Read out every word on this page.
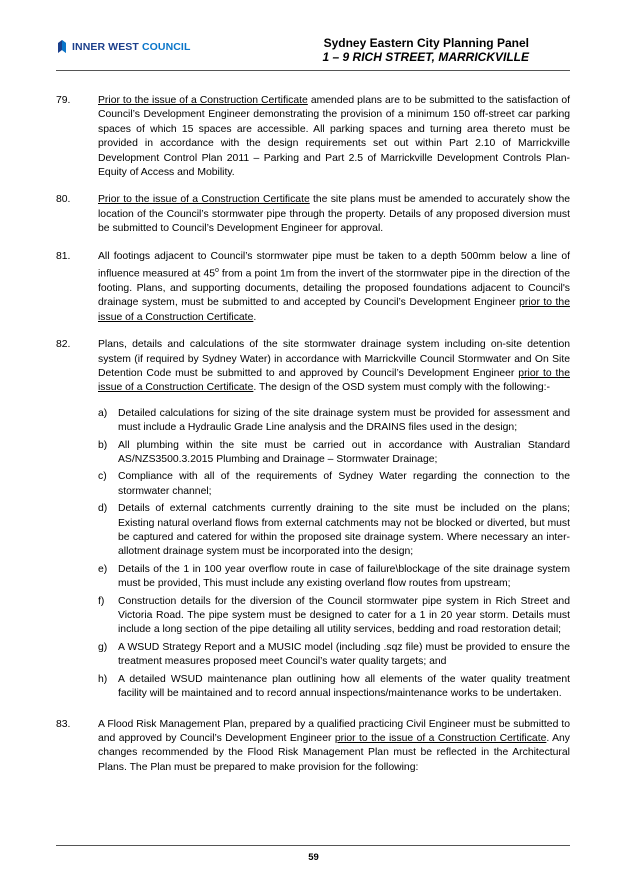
INNER WEST COUNCIL	Sydney Eastern City Planning Panel
1 – 9 RICH STREET, MARRICKVILLE
79.	Prior to the issue of a Construction Certificate amended plans are to be submitted to the satisfaction of Council’s Development Engineer demonstrating the provision of a minimum 150 off-street car parking spaces of which 15 spaces are accessible. All parking spaces and turning area thereto must be provided in accordance with the design requirements set out within Part 2.10 of Marrickville Development Control Plan 2011 – Parking and Part 2.5 of Marrickville Development Controls Plan- Equity of Access and Mobility.
80.	Prior to the issue of a Construction Certificate the site plans must be amended to accurately show the location of the Council’s stormwater pipe through the property. Details of any proposed diversion must be submitted to Council’s Development Engineer for approval.
81.	All footings adjacent to Council’s stormwater pipe must be taken to a depth 500mm below a line of influence measured at 45$^o$ from a point 1m from the invert of the stormwater pipe in the direction of the footing. Plans, and supporting documents, detailing the proposed foundations adjacent to Council's drainage system, must be submitted to and accepted by Council’s Development Engineer prior to the issue of a Construction Certificate.
82.	Plans, details and calculations of the site stormwater drainage system including on-site detention system (if required by Sydney Water) in accordance with Marrickville Council Stormwater and On Site Detention Code must be submitted to and approved by Council’s Development Engineer prior to the issue of a Construction Certificate. The design of the OSD system must comply with the following:-
a)	Detailed calculations for sizing of the site drainage system must be provided for assessment and must include a Hydraulic Grade Line analysis and the DRAINS files used in the design;
b)	All plumbing within the site must be carried out in accordance with Australian Standard AS/NZS3500.3.2015 Plumbing and Drainage – Stormwater Drainage;
c)	Compliance with all of the requirements of Sydney Water regarding the connection to the stormwater channel;
d)	Details of external catchments currently draining to the site must be included on the plans; Existing natural overland flows from external catchments may not be blocked or diverted, but must be captured and catered for within the proposed site drainage system. Where necessary an inter-allotment drainage system must be incorporated into the design;
e)	Details of the 1 in 100 year overflow route in case of failure\blockage of the site drainage system must be provided, This must include any existing overland flow routes from upstream;
f)	Construction details for the diversion of the Council stormwater pipe system in Rich Street and Victoria Road. The pipe system must be designed to cater for a 1 in 20 year storm. Details must include a long section of the pipe detailing all utility services, bedding and road restoration detail;
g)	A WSUD Strategy Report and a MUSIC model (including .sqz file) must be provided to ensure the treatment measures proposed meet Council’s water quality targets; and
h)	A detailed WSUD maintenance plan outlining how all elements of the water quality treatment facility will be maintained and to record annual inspections/maintenance works to be undertaken.
83.	A Flood Risk Management Plan, prepared by a qualified practicing Civil Engineer must be submitted to and approved by Council’s Development Engineer prior to the issue of a Construction Certificate. Any changes recommended by the Flood Risk Management Plan must be reflected in the Architectural Plans. The Plan must be prepared to make provision for the following:
59
